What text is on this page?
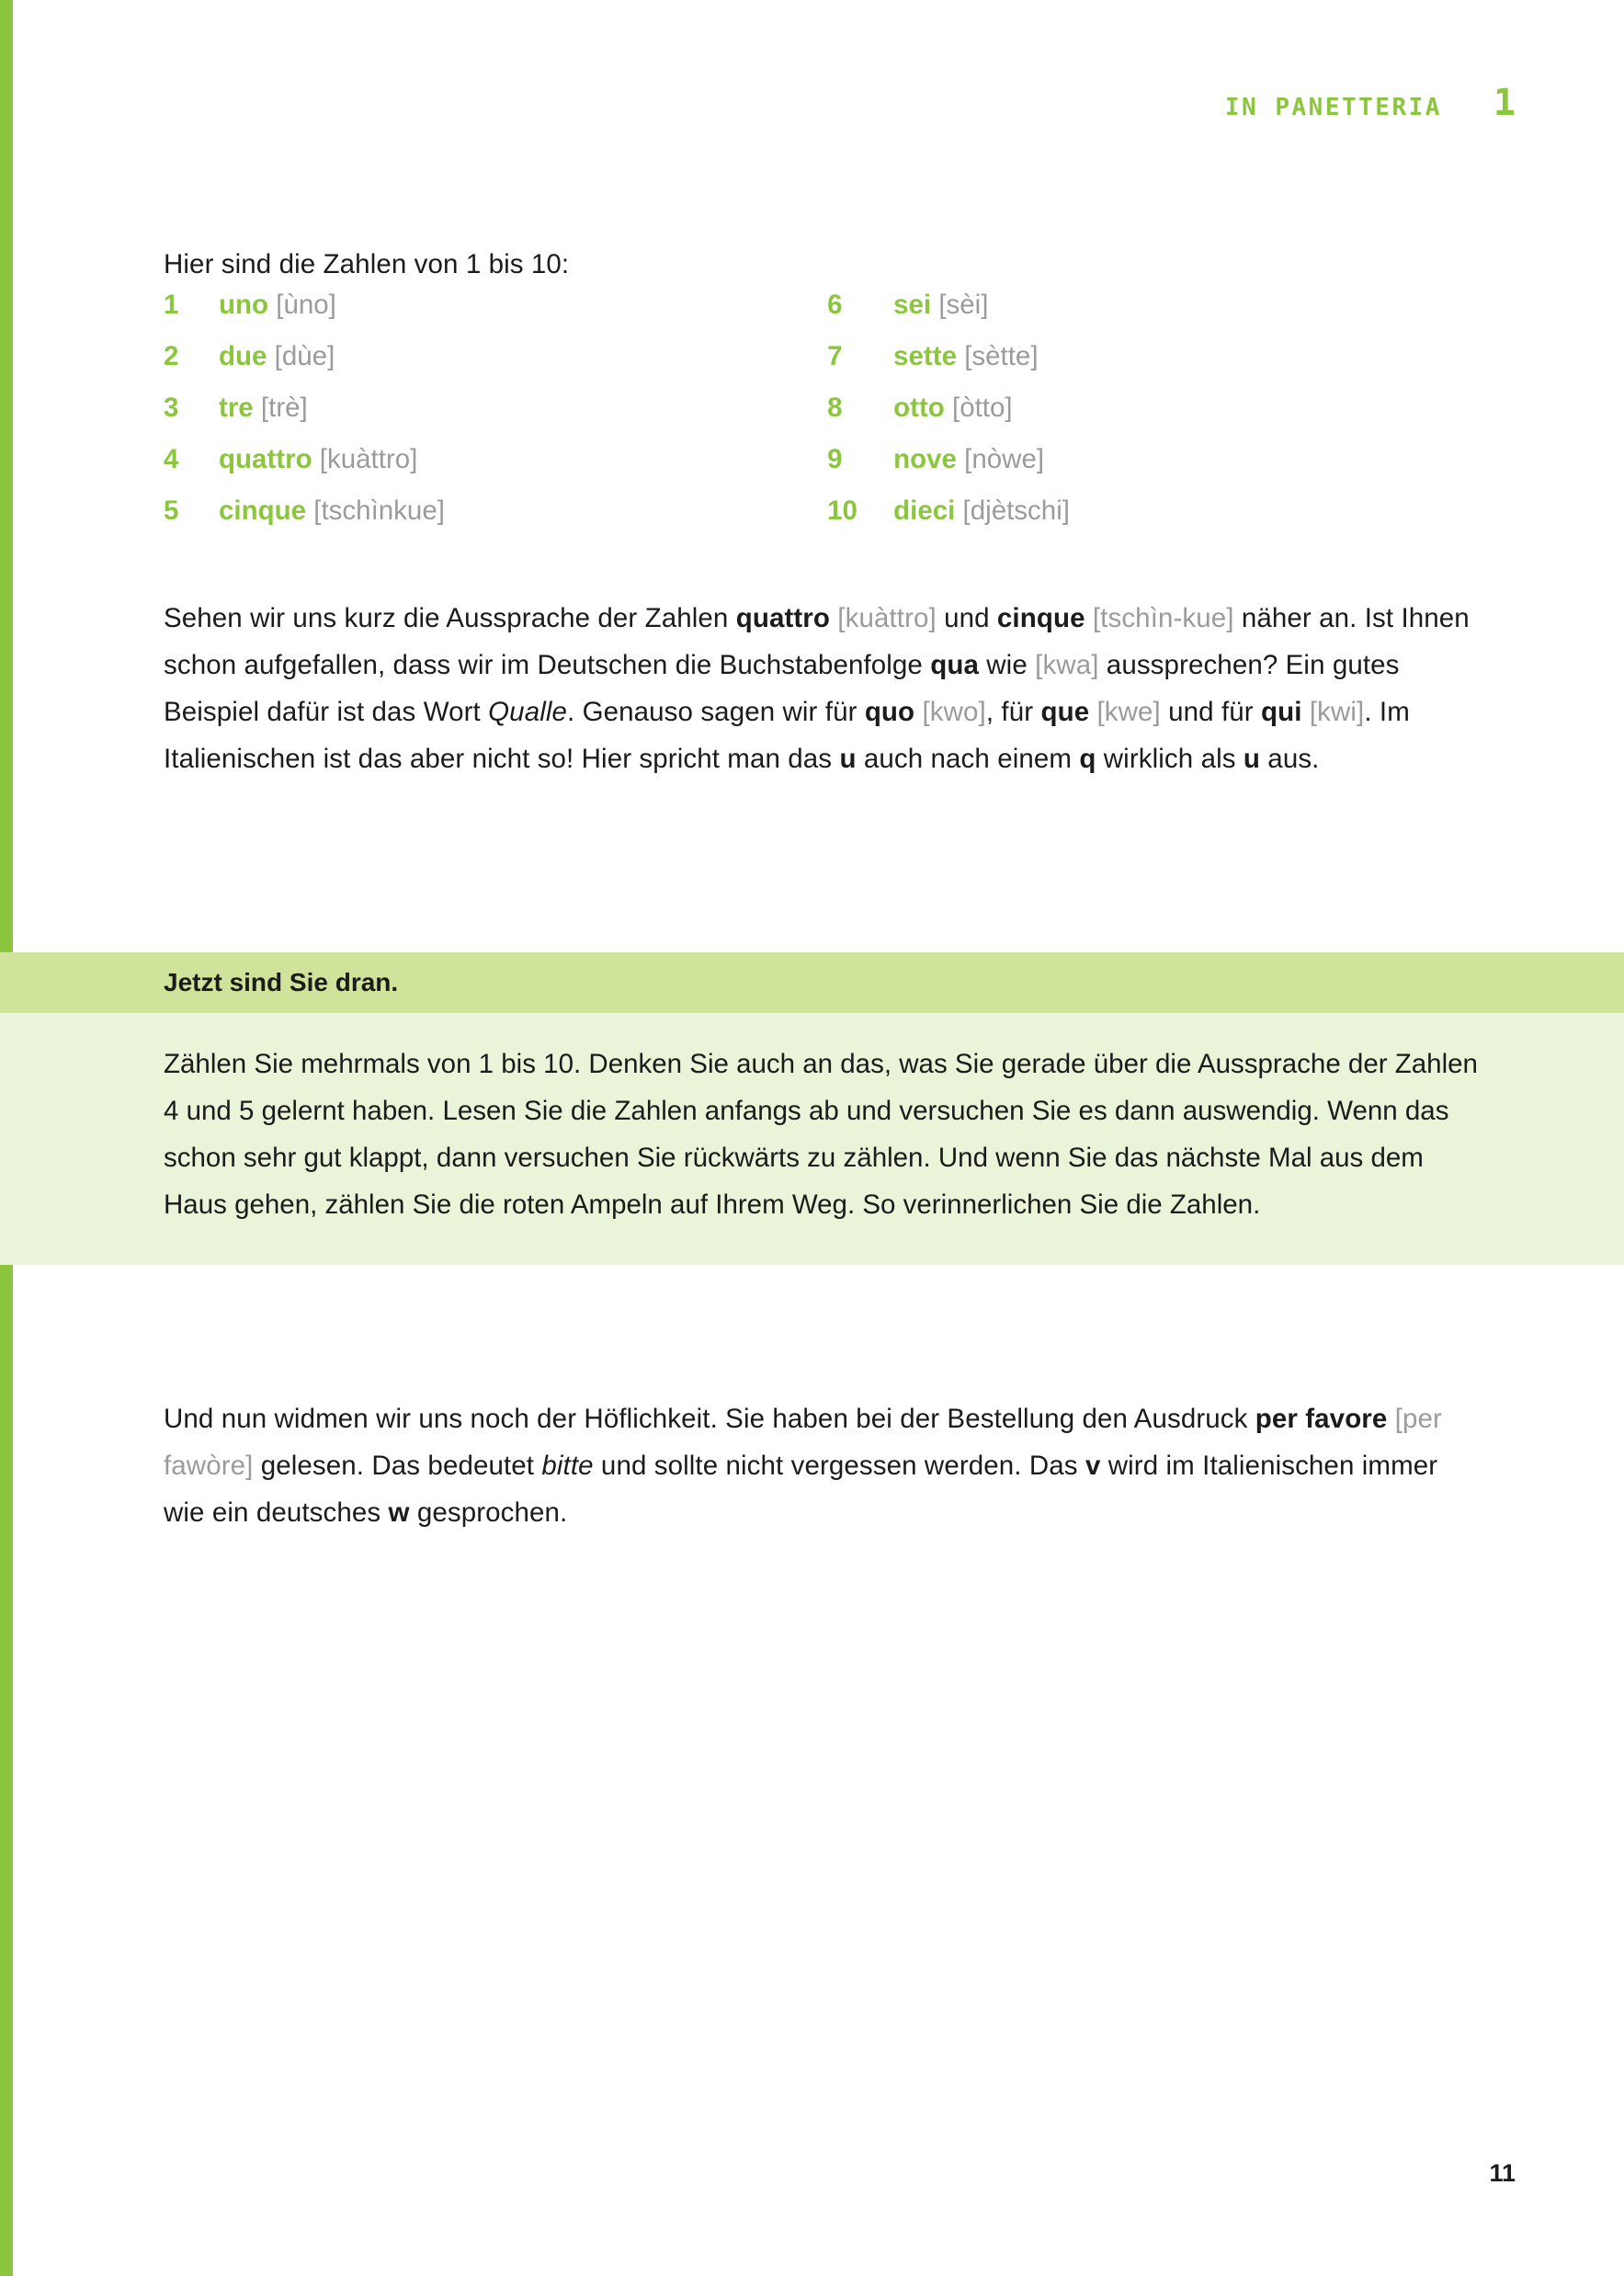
IN PANETTERIA 1

Hier sind die Zahlen von 1 bis 10:

1	uno [ùno]		6	sei [sèi]
2	due [dùe]		7	sette [sètte]
3	tre [trè]		8	otto [òtto]
4	quattro [kuàttro]		9	nove [nòwe]
5	cinque [tschìnkue]		10	dieci [djètschi]

Sehen wir uns kurz die Aussprache der Zahlen quattro [kuàttro] und cinque [tschìn-kue] näher an. Ist Ihnen schon aufgefallen, dass wir im Deutschen die Buchstabenfolge qua wie [kwa] aussprechen? Ein gutes Beispiel dafür ist das Wort Qualle. Genauso sagen wir für quo [kwo], für que [kwe] und für qui [kwi]. Im Italienischen ist das aber nicht so! Hier spricht man das u auch nach einem q wirklich als u aus.

Jetzt sind Sie dran.

Zählen Sie mehrmals von 1 bis 10. Denken Sie auch an das, was Sie gerade über die Aussprache der Zahlen 4 und 5 gelernt haben. Lesen Sie die Zahlen anfangs ab und versuchen Sie es dann auswendig. Wenn das schon sehr gut klappt, dann versuchen Sie rückwärts zu zählen. Und wenn Sie das nächste Mal aus dem Haus gehen, zählen Sie die roten Ampeln auf Ihrem Weg. So verinnerlichen Sie die Zahlen.

Und nun widmen wir uns noch der Höflichkeit. Sie haben bei der Bestellung den Ausdruck per favore [per fawòre] gelesen. Das bedeutet bitte und sollte nicht vergessen werden. Das v wird im Italienischen immer wie ein deutsches w gesprochen.

11
